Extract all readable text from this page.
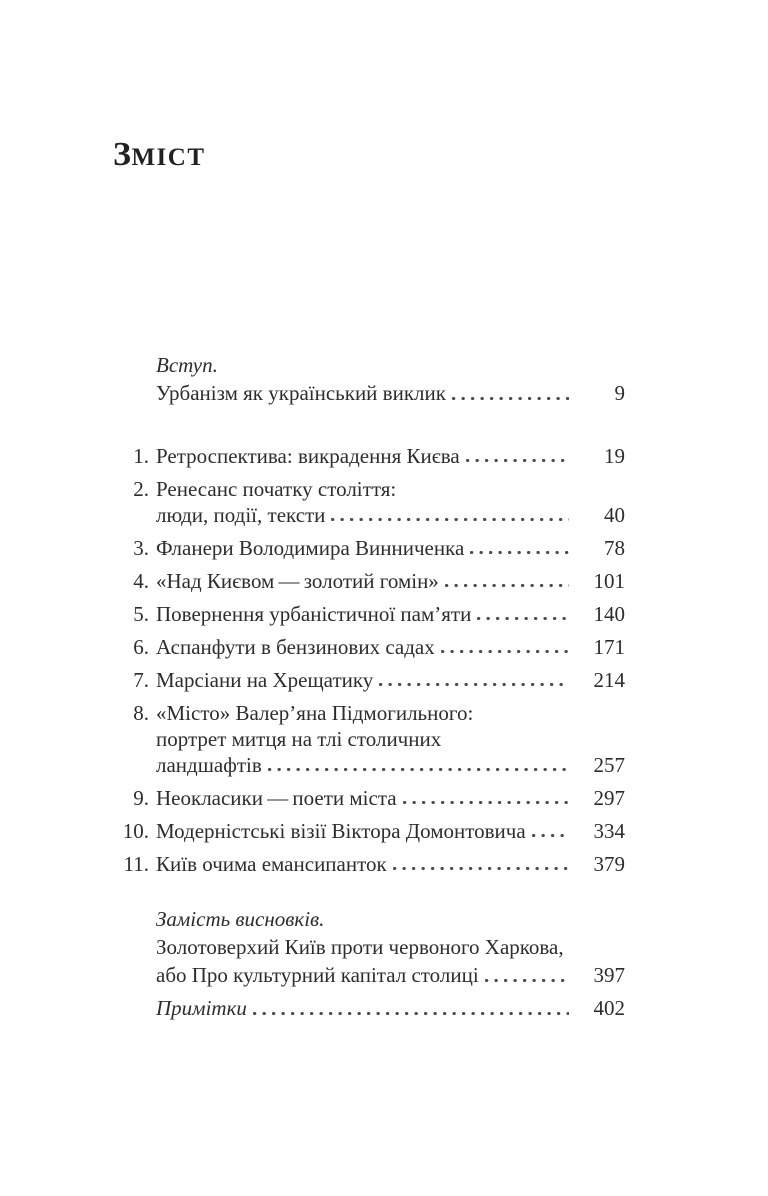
ЗМІСТ
Вступ.
Урбанізм як український виклик	9
1. Ретроспектива: викрадення Києва	19
2. Ренесанс початку століття:
люди, події, тексти	40
3. Фланери Володимира Винниченка	78
4. «Над Києвом — золотий гомін»	101
5. Повернення урбаністичної пам’яти	140
6. Аспанфути в бензинових садах	171
7. Марсіани на Хрещатику	214
8. «Місто» Валер’яна Підмогильного:
портрет митця на тлі столичних
ландшафтів	257
9. Неокласики — поети міста	297
10. Модерністські візії Віктора Домонтовича	334
11. Київ очима емансипанток	379
Замість висновків.
Золотоверхий Київ проти червоного Харкова,
або Про культурний капітал столиці	397
Примітки	402
